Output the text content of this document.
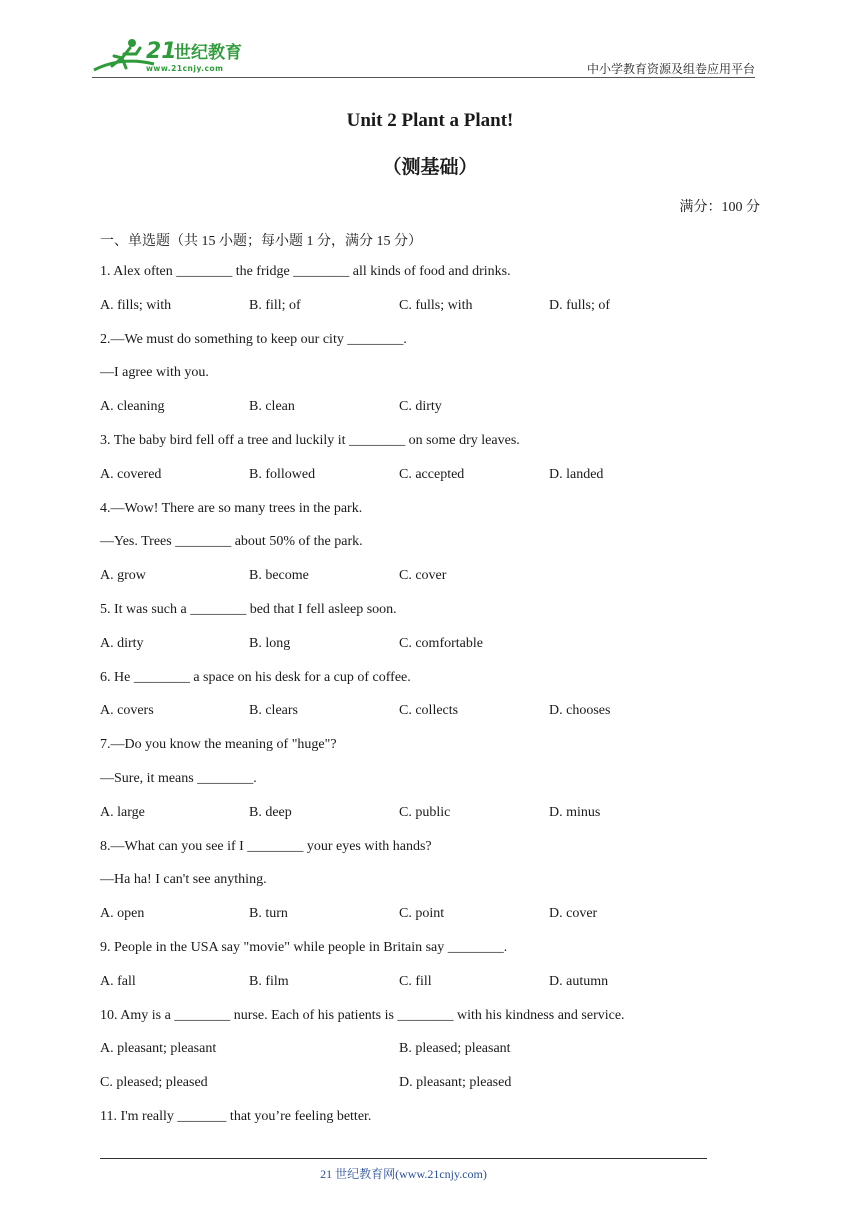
21
世纪教育
www.21cnjy.com	中小学教育资源及组卷应用平台
Unit 2 Plant a Plant!
（测基础）
满分：100 分
一、单选题（共 15 小题；每小题 1 分，满分 15 分）
1. Alex often ________ the fridge ________ all kinds of food and drinks.
A. fills; with	B. fill; of	C. fulls; with	D. fulls; of
2.—We must do something to keep our city ________.
—I agree with you.
A. cleaning	B. clean	C. dirty
3. The baby bird fell off a tree and luckily it ________ on some dry leaves.
A. covered	B. followed	C. accepted	D. landed
4.—Wow! There are so many trees in the park.
—Yes. Trees ________ about 50% of the park.
A. grow	B. become	C. cover
5. It was such a ________ bed that I fell asleep soon.
A. dirty	B. long	C. comfortable
6. He ________ a space on his desk for a cup of coffee.
A. covers	B. clears	C. collects	D. chooses
7.—Do you know the meaning of "huge"?
—Sure, it means ________.
A. large	B. deep	C. public	D. minus
8.—What can you see if I ________ your eyes with hands?
—Ha ha! I can't see anything.
A. open	B. turn	C. point	D. cover
9. People in the USA say "movie" while people in Britain say ________.
A. fall	B. film	C. fill	D. autumn
10. Amy is a ________ nurse. Each of his patients is ________ with his kindness and service.
A. pleasant; pleasant	B. pleased; pleasant
C. pleased; pleased	D. pleasant; pleased
11. I'm really _______ that you’re feeling better.
21 世纪教育网(www.21cnjy.com)
